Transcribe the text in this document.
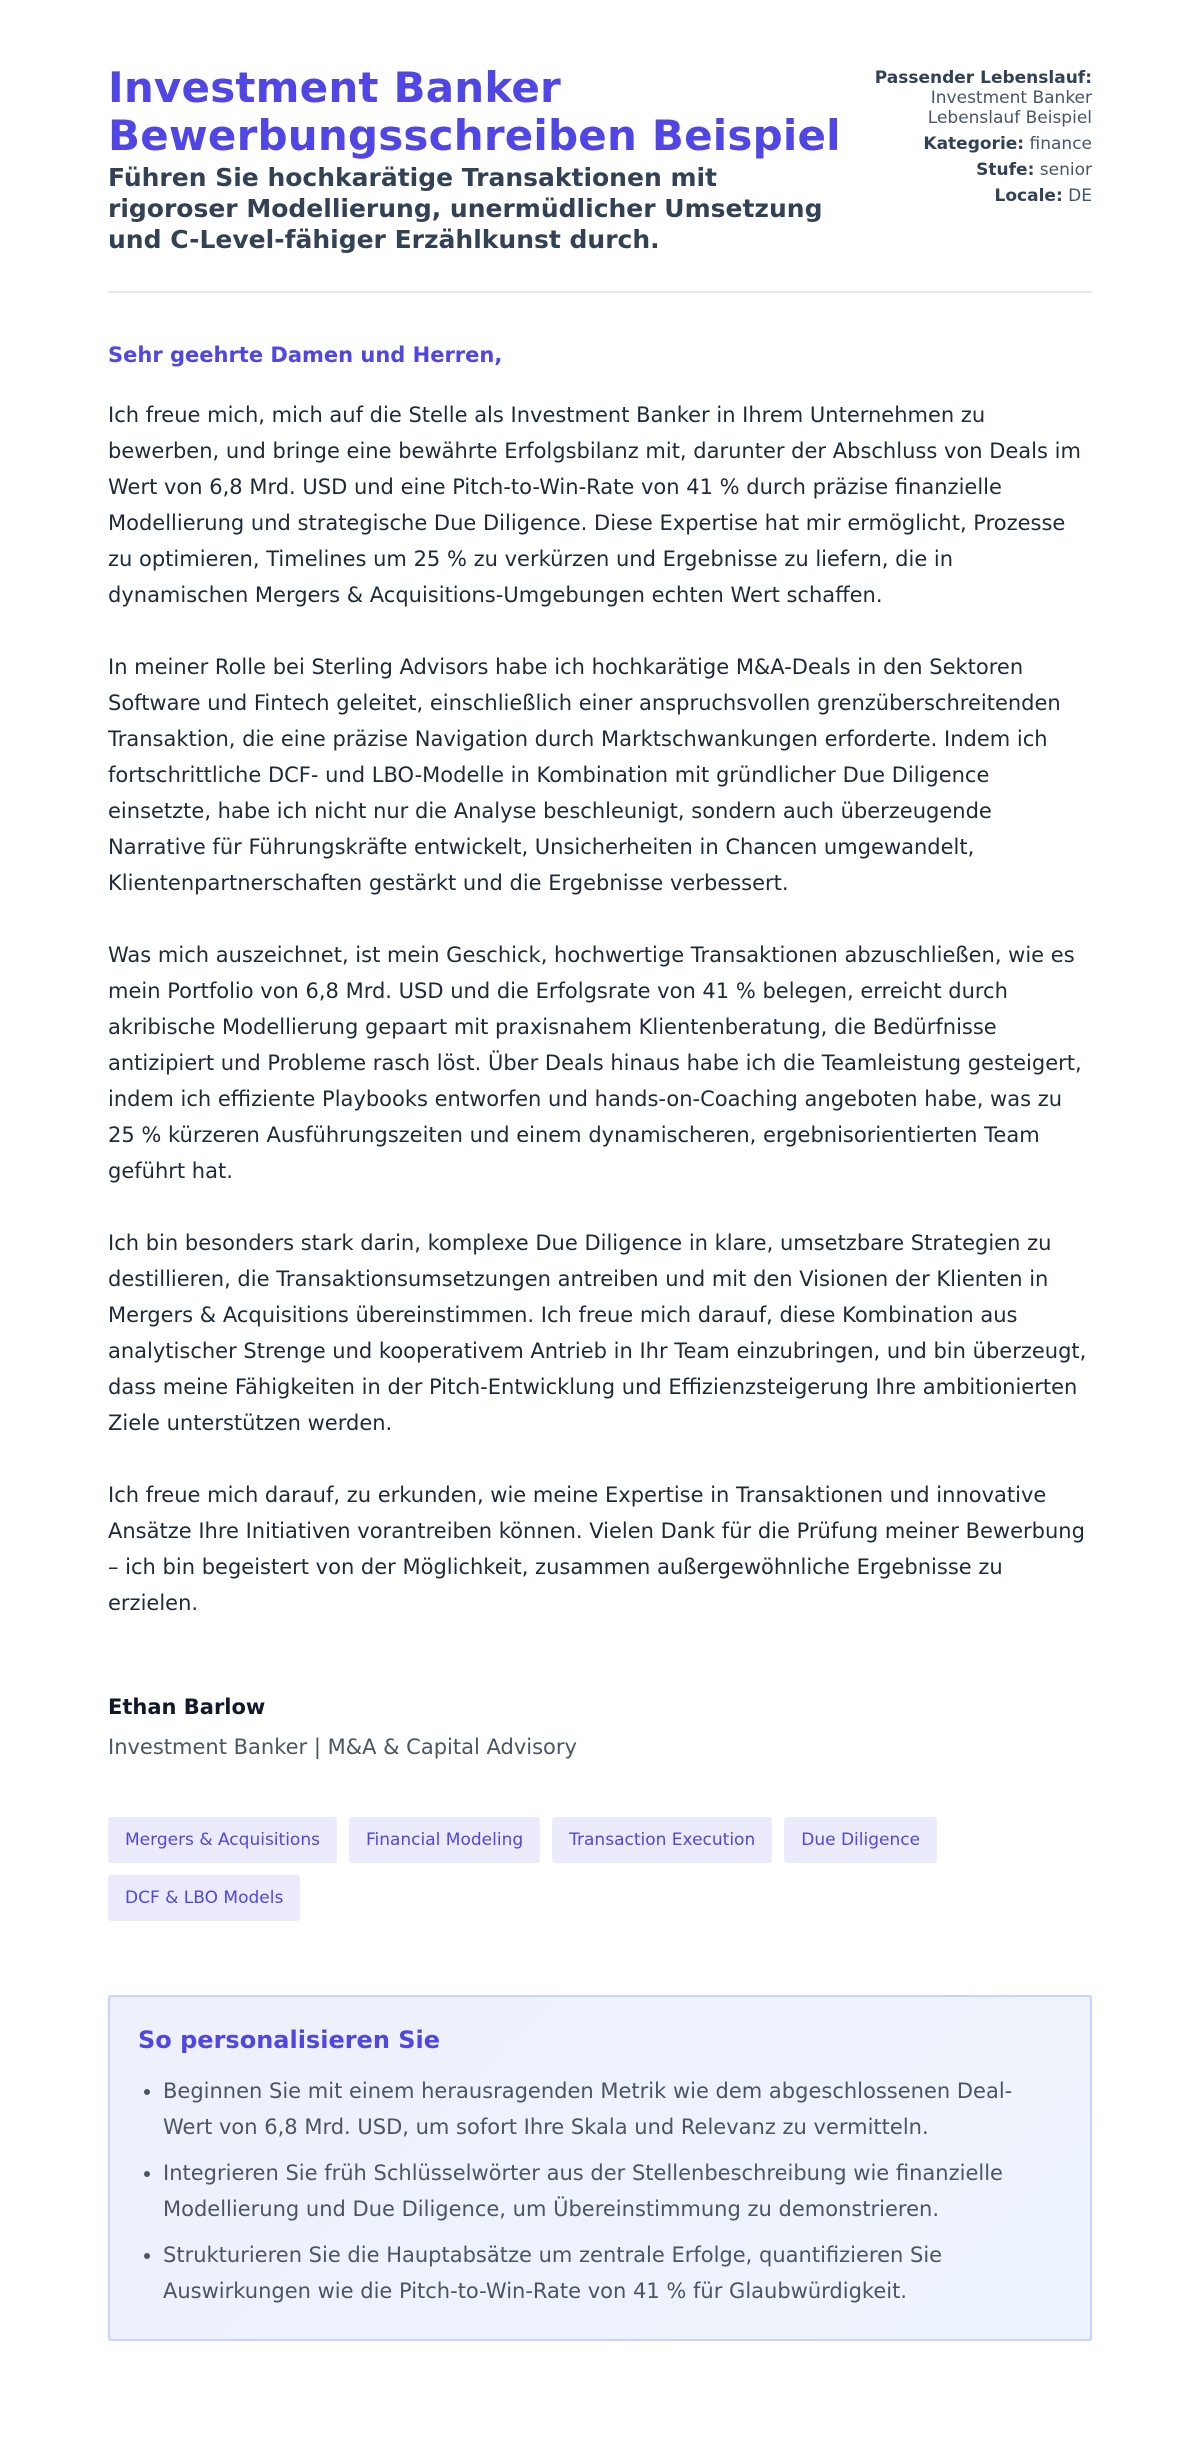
Investment Banker Bewerbungsschreiben Beispiel
Führen Sie hochkarätige Transaktionen mit rigoroser Modellierung, unermüdlicher Umsetzung und C-Level-fähiger Erzählkunst durch.
Passender Lebenslauf:
Investment Banker Lebenslauf Beispiel
Kategorie: finance
Stufe: senior
Locale: DE

Sehr geehrte Damen und Herren,

Ich freue mich, mich auf die Stelle als Investment Banker in Ihrem Unternehmen zu bewerben, und bringe eine bewährte Erfolgsbilanz mit, darunter der Abschluss von Deals im Wert von 6,8 Mrd. USD und eine Pitch-to-Win-Rate von 41 % durch präzise finanzielle Modellierung und strategische Due Diligence. Diese Expertise hat mir ermöglicht, Prozesse zu optimieren, Timelines um 25 % zu verkürzen und Ergebnisse zu liefern, die in dynamischen Mergers & Acquisitions-Umgebungen echten Wert schaffen.

In meiner Rolle bei Sterling Advisors habe ich hochkarätige M&A-Deals in den Sektoren Software und Fintech geleitet, einschließlich einer anspruchsvollen grenzüberschreitenden Transaktion, die eine präzise Navigation durch Marktschwankungen erforderte. Indem ich fortschrittliche DCF- und LBO-Modelle in Kombination mit gründlicher Due Diligence einsetzte, habe ich nicht nur die Analyse beschleunigt, sondern auch überzeugende Narrative für Führungskräfte entwickelt, Unsicherheiten in Chancen umgewandelt, Klientenpartnerschaften gestärkt und die Ergebnisse verbessert.

Was mich auszeichnet, ist mein Geschick, hochwertige Transaktionen abzuschließen, wie es mein Portfolio von 6,8 Mrd. USD und die Erfolgsrate von 41 % belegen, erreicht durch akribische Modellierung gepaart mit praxisnahem Klientenberatung, die Bedürfnisse antizipiert und Probleme rasch löst. Über Deals hinaus habe ich die Teamleistung gesteigert, indem ich effiziente Playbooks entworfen und hands-on-Coaching angeboten habe, was zu 25 % kürzeren Ausführungszeiten und einem dynamischeren, ergebnisorientierten Team geführt hat.

Ich bin besonders stark darin, komplexe Due Diligence in klare, umsetzbare Strategien zu destillieren, die Transaktionsumsetzungen antreiben und mit den Visionen der Klienten in Mergers & Acquisitions übereinstimmen. Ich freue mich darauf, diese Kombination aus analytischer Strenge und kooperativem Antrieb in Ihr Team einzubringen, und bin überzeugt, dass meine Fähigkeiten in der Pitch-Entwicklung und Effizienzsteigerung Ihre ambitionierten Ziele unterstützen werden.

Ich freue mich darauf, zu erkunden, wie meine Expertise in Transaktionen und innovative Ansätze Ihre Initiativen vorantreiben können. Vielen Dank für die Prüfung meiner Bewerbung – ich bin begeistert von der Möglichkeit, zusammen außergewöhnliche Ergebnisse zu erzielen.

Ethan Barlow
Investment Banker | M&A & Capital Advisory
Mergers & Acquisitions	Financial Modeling	Transaction Execution	Due Diligence
DCF & LBO Models
So personalisieren Sie
• Beginnen Sie mit einem herausragenden Metrik wie dem abgeschlossenen Deal-Wert von 6,8 Mrd. USD, um sofort Ihre Skala und Relevanz zu vermitteln.
• Integrieren Sie früh Schlüsselwörter aus der Stellenbeschreibung wie finanzielle Modellierung und Due Diligence, um Übereinstimmung zu demonstrieren.
• Strukturieren Sie die Hauptabsätze um zentrale Erfolge, quantifizieren Sie Auswirkungen wie die Pitch-to-Win-Rate von 41 % für Glaubwürdigkeit.
